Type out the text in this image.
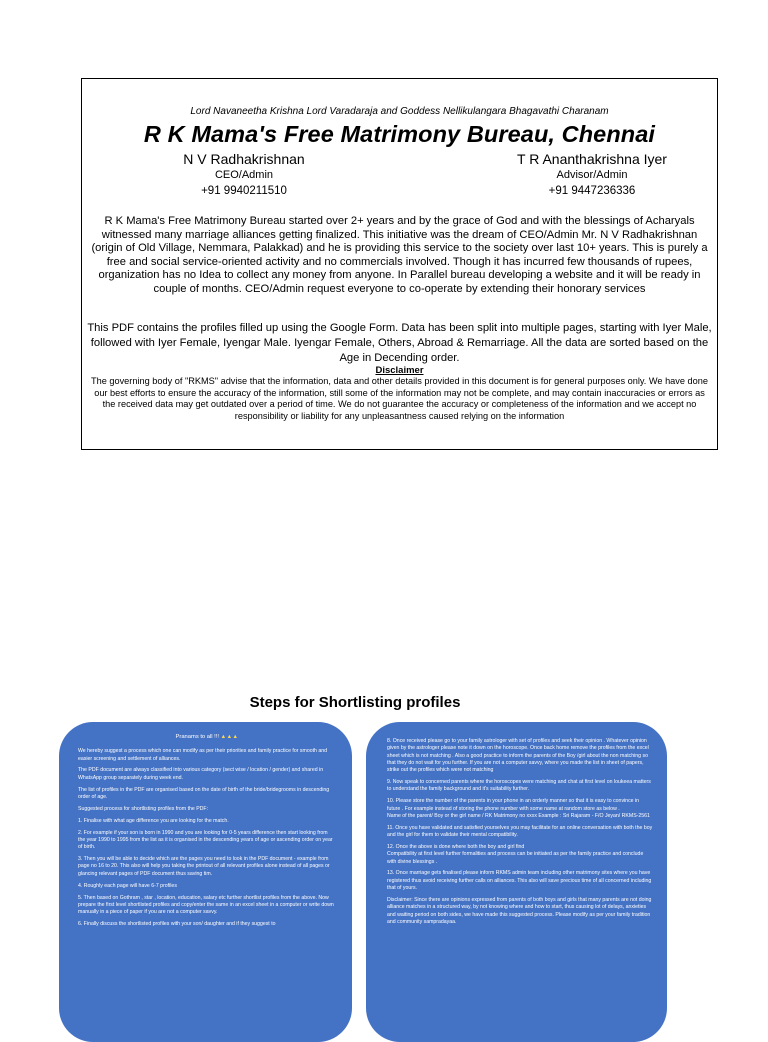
Lord Navaneetha Krishna Lord Varadaraja and Goddess Nellikulangara Bhagavathi Charanam
R K Mama's Free Matrimony Bureau, Chennai
N V Radhakrishnan
CEO/Admin
+91 9940211510
T R Ananthakrishna Iyer
Advisor/Admin
+91 9447236336
R K Mama's Free Matrimony Bureau started over 2+ years and by the grace of God and with the blessings of Acharyals witnessed many marriage alliances getting finalized. This initiative was the dream of CEO/Admin Mr. N V Radhakrishnan (origin of Old Village, Nemmara, Palakkad) and he is providing this service to the society over last 10+ years. This is purely a free and social service-oriented activity and no commercials involved. Though it has incurred few thousands of rupees, organization has no Idea to collect any money from anyone. In Parallel bureau developing a website and it will be ready in couple of months. CEO/Admin request everyone to co-operate by extending their honorary services
This PDF contains the profiles filled up using the Google Form. Data has been split into multiple pages, starting with Iyer Male, followed with Iyer Female, Iyengar Male. Iyengar Female, Others, Abroad & Remarriage. All the data are sorted based on the Age in Decending order.
Disclaimer
The governing body of "RKMS" advise that the information, data and other details provided in this document is for general purposes only. We have done our best efforts to ensure the accuracy of the information, still some of the information may not be complete, and may contain inaccuracies or errors as the received data may get outdated over a period of time. We do not guarantee the accuracy or completeness of the information and we accept no responsibility or liability for any unpleasantness caused relying on the information
Steps for Shortlisting profiles

Pranams to all !!! ▲▲▲

We hereby suggest a process which one can modify as per their priorities and family practice for smooth and easier screening and settlement of alliances.

The PDF document are always classified into various category (sect wise / location / gender) and shared in WhatsApp group separately during week end.

The list of profiles in the PDF are organised based on the date of birth of the bride/bridegrooms in descending order of age.

Suggested process for shortlisting profiles from the PDF:

1. Finalise with what age difference you are looking for the match.

2. For example if your son is born in 1990 and you are looking for 0-5 years difference then start looking from the year 1990 to 1995 from the list as it is organised in the descending years of age or ascending order on year of birth.

3. Then you will be able to decide which are the pages you need to look in the PDF document - example from page no 16 to 20. This also will help you taking the printout of all relevant profiles alone instead of all pages or glancing relevant pages of PDF document thus saving tim.

4. Roughly each page will have 6-7 profiles

5. Then based on Gothram , star , location, education, salary etc further shortlist profiles from the above. Now prepare the first level shortlisted profiles and copy/enter the same in an excel sheet in a computer or write down manually in a piece of paper if you are not a computer savvy.

6. Finally discuss the shortlisted profiles with your son/ daughter and if they suggest to

8. Once received please go to your family astrologer with set of profiles and seek their opinion . Whatever opinion given by the astrologer please note it down on the horoscope. Once back home remove the profiles from the excel sheet which is not matching . Also a good practice to inform the parents of the Boy /girl about the non matching so that they do not wait for you further. If you are not a computer savvy, where you made the list in sheet of papers, strike out the profiles which were not matching

9. Now speak to concerned parents where the horoscopes were matching and chat at first level on loukeea matters to understand the family background and it's suitability further.

10. Please store the number of the parents in your phone in an orderly manner so that it is easy to convince in future . For example instead of storing the phone number with some name at random store as below .
Name of the parent/ Boy or the girl name / RK Matrimony no xxxx Example : Sri Rajaram - F/O Jeyan/ RKMS-2561

11. Once you have validated and satisfied yourselves you may facilitate for an online conversation with both the boy and the girl for them to validate their mental compatibility.

12. Once the above is done where both the boy and girl find
Compatibility at first level further formalities and process can be initiated as per the family practice and conclude with divine blessings .

13. Once marriage gets finalised please inform RKMS admin team including other matrimony sites where you have registered thus avoid receiving further calls on alliances. This also will save precious time of all concerned including that of yours.

Disclaimer: Since there are opinions expressed from parents of both boys and girls that many parents are not doing alliance matches in a structured way, by not knowing where and how to start, thus causing lot of delays, anxieties and waiting period on both sides, we have made this suggested process. Please modify as per your family tradition and community sampradayaa.
